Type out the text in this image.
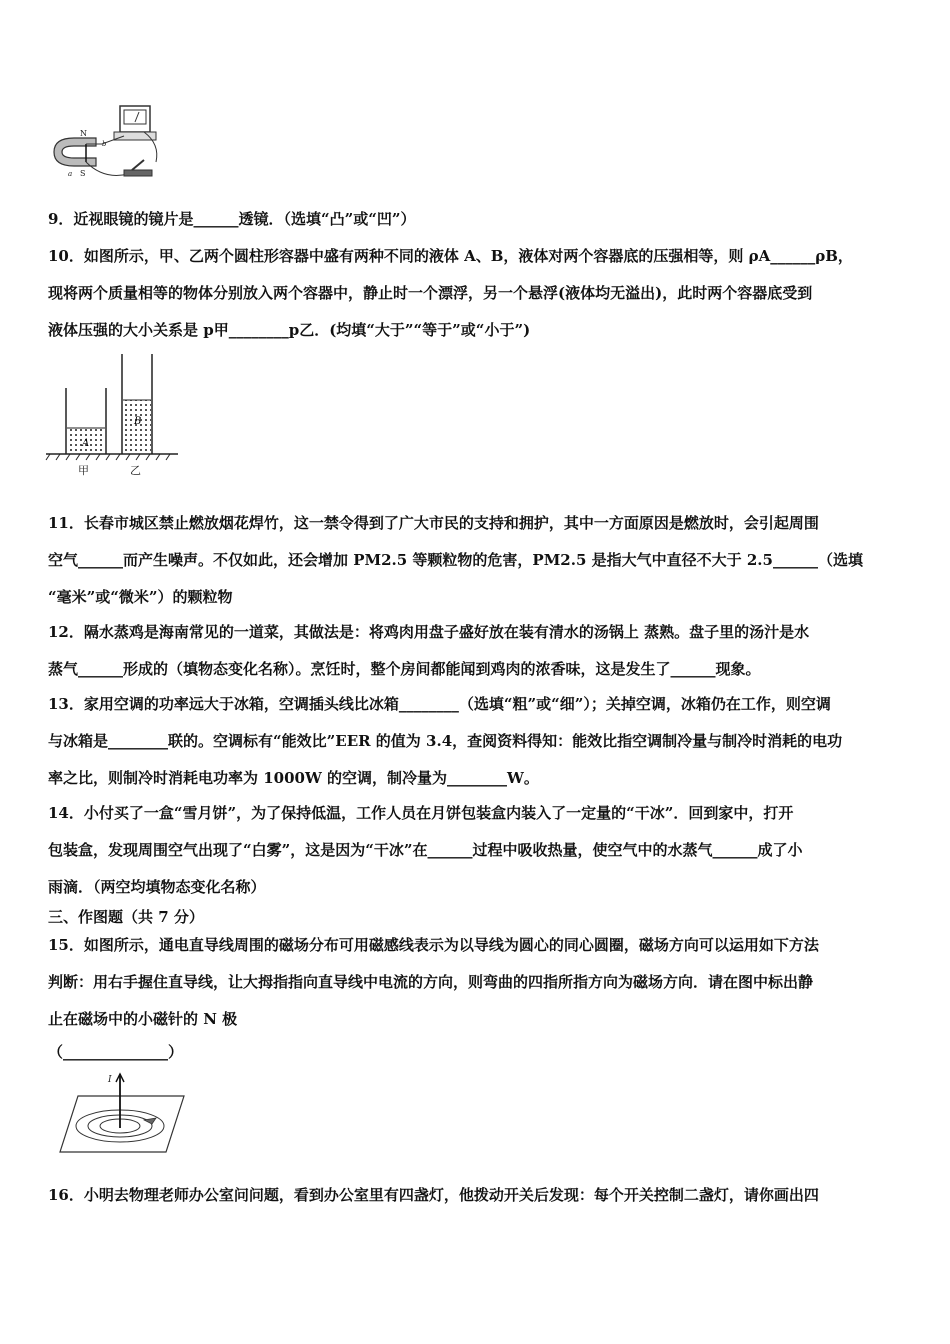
N
S
a
b
9．近视眼镜的镜片是______透镜．（选填“凸”或“凹”）
10．如图所示，甲、乙两个圆柱形容器中盛有两种不同的液体 A、B，液体对两个容器底的压强相等，则 ρA______ρB，
现将两个质量相等的物体分别放入两个容器中，静止时一个漂浮，另一个悬浮(液体均无溢出)，此时两个容器底受到
液体压强的大小关系是 p甲________p乙．(均填“大于”“等于”或“小于”)
A
B
甲	乙
11．长春市城区禁止燃放烟花焊竹，这一禁令得到了广大市民的支持和拥护，其中一方面原因是燃放时，会引起周围
空气______而产生噪声。不仅如此，还会增加 PM2.5 等颗粒物的危害，PM2.5 是指大气中直径不大于 2.5______（选填
“毫米”或“微米”）的颗粒物
12．隔水蒸鸡是海南常见的一道菜，其做法是：将鸡肉用盘子盛好放在装有清水的汤锅上 蒸熟。盘子里的汤汁是水
蒸气______形成的（填物态变化名称）。烹饪时，整个房间都能闻到鸡肉的浓香味，这是发生了______现象。
13．家用空调的功率远大于冰箱，空调插头线比冰箱________（选填“粗”或“细”）；关掉空调，冰箱仍在工作，则空调
与冰箱是________联的。空调标有“能效比”EER 的值为 3.4，查阅资料得知：能效比指空调制冷量与制冷时消耗的电功
率之比，则制冷时消耗电功率为 1000W 的空调，制冷量为________W。
14．小付买了一盒“雪月饼”，为了保持低温，工作人员在月饼包装盒内装入了一定量的“干冰”．回到家中，打开
包装盒，发现周围空气出现了“白雾”，这是因为“干冰”在______过程中吸收热量，使空气中的水蒸气______成了小
雨滴．（两空均填物态变化名称）
三、作图题（共 7 分）
15．如图所示，通电直导线周围的磁场分布可用磁感线表示为以导线为圆心的同心圆圈，磁场方向可以运用如下方法
判断：用右手握住直导线，让大拇指指向直导线中电流的方向，则弯曲的四指所指方向为磁场方向．请在图中标出静
止在磁场中的小磁针的 N 极
（______________）
I
16．小明去物理老师办公室问问题，看到办公室里有四盏灯，他拨动开关后发现：每个开关控制二盏灯，请你画出四
